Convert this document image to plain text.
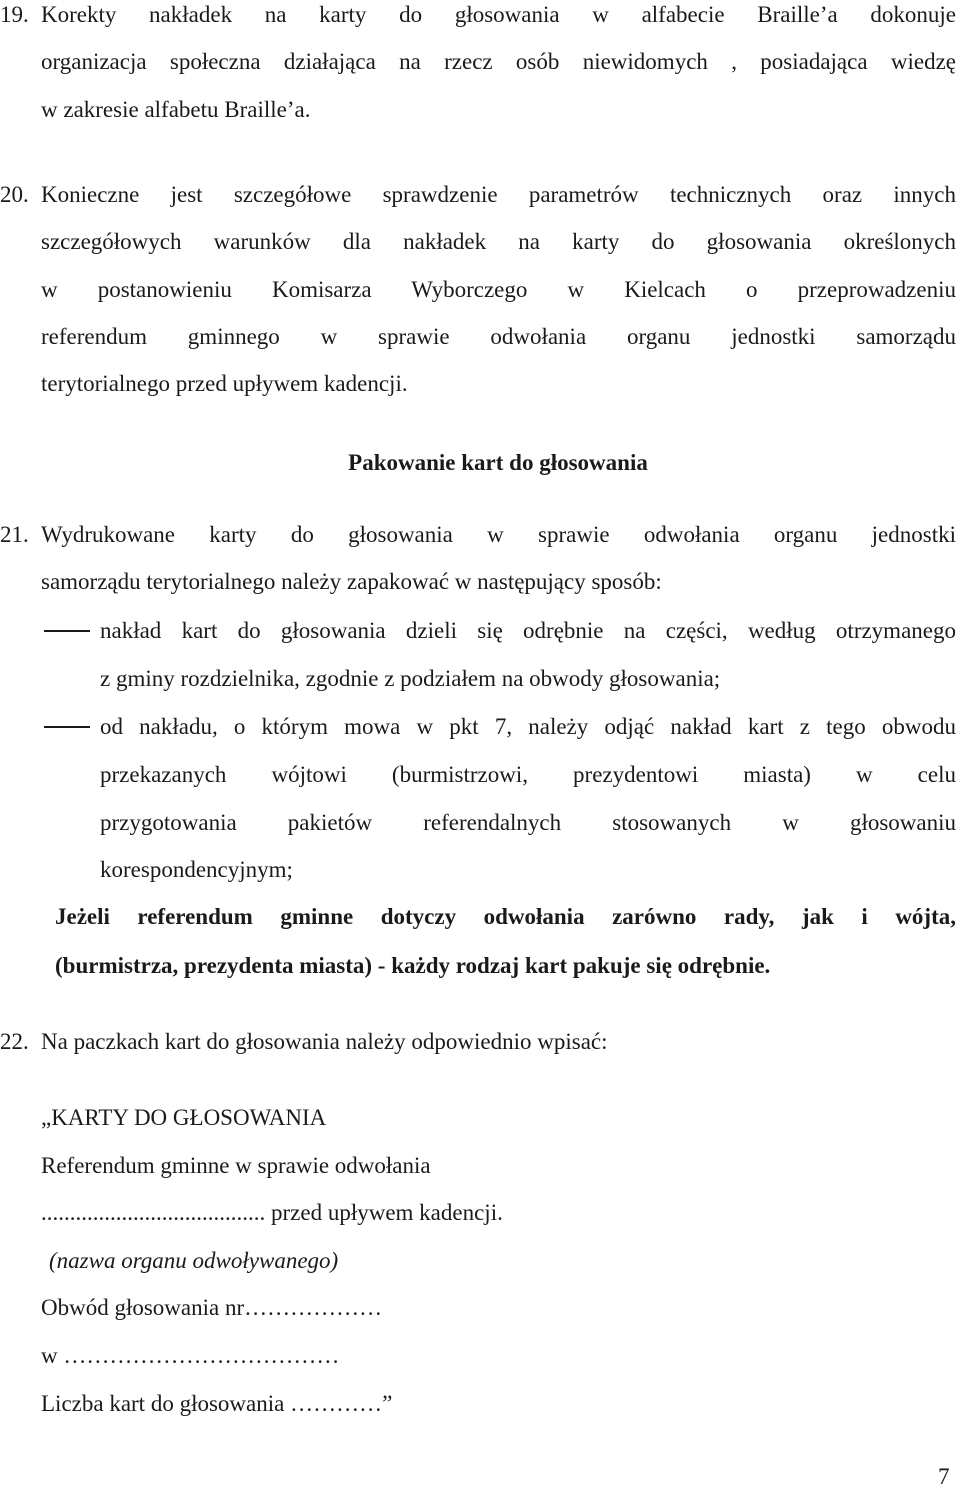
19. Korekty nakładek na karty do głosowania w alfabecie Braille’a dokonuje
organizacja społeczna działająca na rzecz osób niewidomych , posiadająca wiedzę
w zakresie alfabetu Braille’a.
20. Konieczne jest szczegółowe sprawdzenie parametrów technicznych oraz innych
szczegółowych warunków dla nakładek na karty do głosowania określonych
w postanowieniu Komisarza Wyborczego w Kielcach o przeprowadzeniu
referendum gminnego w sprawie odwołania organu jednostki samorządu
terytorialnego przed upływem kadencji.
Pakowanie kart do głosowania
21. Wydrukowane karty do głosowania w sprawie odwołania organu jednostki
samorządu terytorialnego należy zapakować w następujący sposób:
nakład kart do głosowania dzieli się odrębnie na części, według otrzymanego
z gminy rozdzielnika, zgodnie z podziałem na obwody głosowania;
od nakładu, o którym mowa w pkt 7, należy odjąć nakład kart z tego obwodu
przekazanych wójtowi (burmistrzowi, prezydentowi miasta) w celu
przygotowania pakietów referendalnych stosowanych w głosowaniu
korespondencyjnym;
Jeżeli referendum gminne dotyczy odwołania zarówno rady, jak i wójta,
(burmistrza, prezydenta miasta) - każdy rodzaj kart pakuje się odrębnie.
22. Na paczkach kart do głosowania należy odpowiednio wpisać:
„KARTY DO GŁOSOWANIA
Referendum gminne w sprawie odwołania
....................................... przed upływem kadencji.
(nazwa organu odwoływanego)
Obwód głosowania nr………………
w ………………………………
Liczba kart do głosowania …………”
7
